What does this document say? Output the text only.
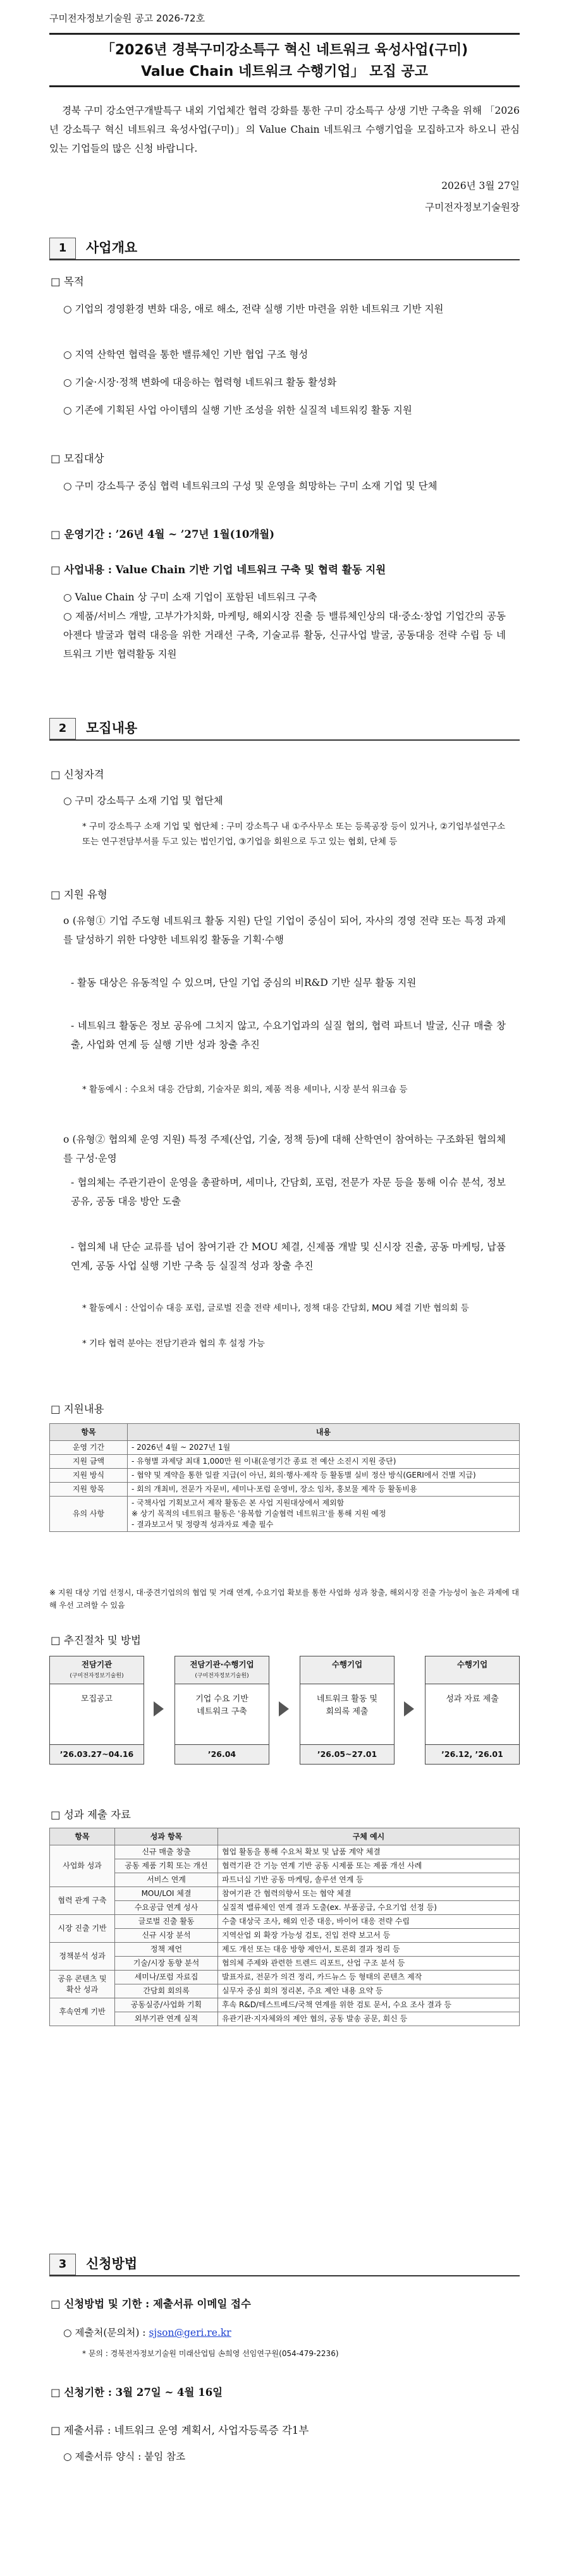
구미전자정보기술원 공고 2026-72호
「2026년 경북구미강소특구 혁신 네트워크 육성사업(구미)
Value Chain 네트워크 수행기업」 모집 공고
경북 구미 강소연구개발특구 내외 기업체간 협력 강화를 통한 구미 강소특구 상생 기반 구축을 위해 「2026년 강소특구 혁신 네트워크 육성사업(구미)」의 Value Chain 네트워크 수행기업을 모집하고자 하오니 관심 있는 기업들의 많은 신청 바랍니다.
2026년 3월 27일
구미전자정보기술원장
1	사업개요
□ 목적
○ 기업의 경영환경 변화 대응, 애로 해소, 전략 실행 기반 마련을 위한 네트워크 기반 지원
○ 지역 산학연 협력을 통한 밸류체인 기반 협업 구조 형성
○ 기술·시장·정책 변화에 대응하는 협력형 네트워크 활동 활성화
○ 기존에 기획된 사업 아이템의 실행 기반 조성을 위한 실질적 네트워킹 활동 지원
□ 모집대상
○ 구미 강소특구 중심 협력 네트워크의 구성 및 운영을 희망하는 구미 소재 기업 및 단체
□ 운영기간 : ’26년 4월 ~ ’27년 1월(10개월)
□ 사업내용 : Value Chain 기반 기업 네트워크 구축 및 협력 활동 지원
○ Value Chain 상 구미 소재 기업이 포함된 네트워크 구축
○ 제품/서비스 개발, 고부가가치화, 마케팅, 해외시장 진출 등 밸류체인상의 대·중소·창업 기업간의 공동 아젠다 발굴과 협력 대응을 위한 거래선 구축, 기술교류 활동, 신규사업 발굴, 공동대응 전략 수립 등 네트워크 기반 협력활동 지원
2	모집내용
□ 신청자격
○ 구미 강소특구 소재 기업 및 협단체
* 구미 강소특구 소재 기업 및 협단체 : 구미 강소특구 내 ①주사무소 또는 등록공장 등이 있거나, ②기업부설연구소 또는 연구전담부서를 두고 있는 법인기업, ③기업을 회원으로 두고 있는 협회, 단체 등
□ 지원 유형
o (유형① 기업 주도형 네트워크 활동 지원) 단일 기업이 중심이 되어, 자사의 경영 전략 또는 특정 과제를 달성하기 위한 다양한 네트워킹 활동을 기획·수행
- 활동 대상은 유동적일 수 있으며, 단일 기업 중심의 비R&D 기반 실무 활동 지원
- 네트워크 활동은 정보 공유에 그치지 않고, 수요기업과의 실질 협의, 협력 파트너 발굴, 신규 매출 창출, 사업화 연계 등 실행 기반 성과 창출 추진
* 활동예시 : 수요처 대응 간담회, 기술자문 회의, 제품 적용 세미나, 시장 분석 워크숍 등
o (유형② 협의체 운영 지원) 특정 주제(산업, 기술, 정책 등)에 대해 산학연이 참여하는 구조화된 협의체를 구성·운영
- 협의체는 주관기관이 운영을 총괄하며, 세미나, 간담회, 포럼, 전문가 자문 등을 통해 이슈 분석, 정보 공유, 공동 대응 방안 도출
- 협의체 내 단순 교류를 넘어 참여기관 간 MOU 체결, 신제품 개발 및 신시장 진출, 공동 마케팅, 납품 연계, 공동 사업 실행 기반 구축 등 실질적 성과 창출 추진
* 활동예시 : 산업이슈 대응 포럼, 글로벌 진출 전략 세미나, 정책 대응 간담회, MOU 체결 기반 협의회 등
* 기타 협력 분야는 전담기관과 협의 후 설정 가능
□ 지원내용
항목	내용
운영 기간	- 2026년 4월 ~ 2027년 1월
지원 금액	- 유형별 과제당 최대 1,000만 원 이내(운영기간 종료 전 예산 소진시 지원 중단)
지원 방식	- 협약 및 계약을 통한 일괄 지급(이 아닌, 회의·행사·제작 등 활동별 실비 정산 방식(GERI에서 건별 지급)
지원 항목	- 회의 개최비, 전문가 자문비, 세미나·포럼 운영비, 장소 임차, 홍보물 제작 등 활동비용
유의 사항	- 국책사업 기획보고서 제작 활동은 본 사업 지원대상에서 제외함
※ 상기 목적의 네트워크 활동은 '융복합 기술협력 네트워크'를 통해 지원 예정
- 결과보고서 및 정량적 성과자료 제출 필수
※ 지원 대상 기업 선정시, 대·중견기업의의 협업 및 거래 연계, 수요기업 확보를 통한 사업화 성과 창출, 해외시장 진출 가능성이 높은 과제에 대해 우선 고려할 수 있음
□ 추진절차 및 방법
전담기관
(구미전자정보기술원)
모집공고
’26.03.27~04.16
전담기관·수행기업
(구미전자정보기술원)
기업 수요 기반
네트워크 구축
’26.04
수행기업
네트워크 활동 및
회의록 제출
’26.05~27.01
수행기업
성과 자료 제출
’26.12, ’26.01
□ 성과 제출 자료
항목	성과 항목	구체 예시
사업화 성과	신규 매출 창출	협업 활동을 통해 수요처 확보 및 납품 계약 체결
	공동 제품 기획 또는 개선	협력기관 간 기능 연계 기반 공동 시제품 또는 제품 개선 사례
	서비스 연계	파트너십 기반 공동 마케팅, 솔루션 연계 등
협력 관계 구축	MOU/LOI 체결	참여기관 간 협력의향서 또는 협약 체결
	수요공급 연계 성사	실질적 밸류체인 연계 결과 도출(ex. 부품공급, 수요기업 선정 등)
시장 진출 기반	글로벌 진출 활동	수출 대상국 조사, 해외 인증 대응, 바이어 대응 전략 수립
	신규 시장 분석	지역산업 외 확장 가능성 검토, 진입 전략 보고서 등
정책분석 성과	정책 제언	제도 개선 또는 대응 방향 제안서, 토론회 결과 정리 등
	기술/시장 동향 분석	협의체 주제와 관련한 트렌드 리포트, 산업 구조 분석 등
공유 콘텐츠 및 확산 성과	세미나/포럼 자료집	발표자료, 전문가 의견 정리, 카드뉴스 등 형태의 콘텐츠 제작
	간담회 회의록	실무자 중심 회의 정리본, 주요 제안 내용 요약 등
후속연계 기반	공동실증/사업화 기획	후속 R&D/테스트베드/국책 연계를 위한 검토 문서, 수요 조사 결과 등
	외부기관 연계 실적	유관기관·지자체와의 제안 협의, 공동 발송 공문, 회신 등
3	신청방법
□ 신청방법 및 기한 : 제출서류 이메일 접수
○ 제출처(문의처) : sjson@geri.re.kr
* 문의 : 경북전자정보기술원 미래산업팀 손희영 선임연구원(054-479-2236)
□ 신청기한 : 3월 27일 ~ 4월 16일
□ 제출서류 : 네트워크 운영 계획서, 사업자등록증 각1부
○ 제출서류 양식 : 붙임 참조
